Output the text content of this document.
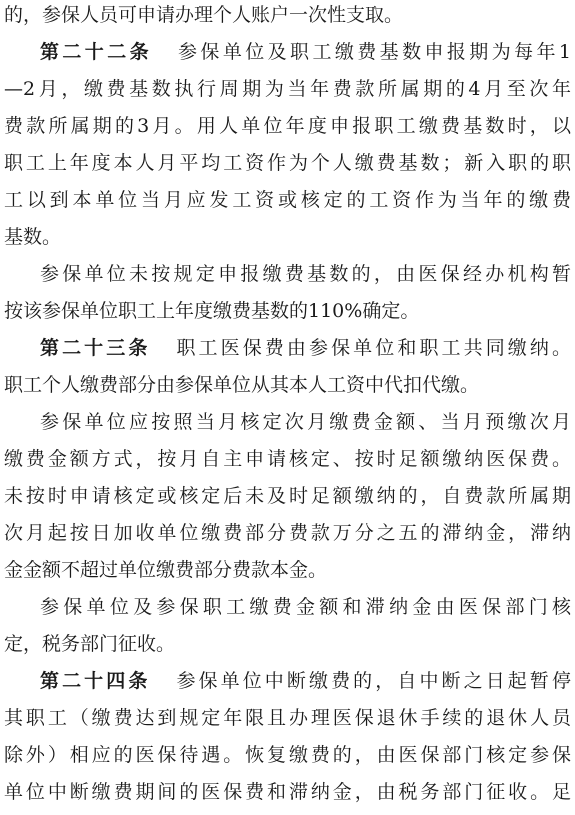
的，参保人员可申请办理个人账户一次性支取。
第二十二条 参保单位及职工缴费基数申报期为每年1
—2月，缴费基数执行周期为当年费款所属期的4月至次年
费款所属期的3月。用人单位年度申报职工缴费基数时，以
职工上年度本人月平均工资作为个人缴费基数；新入职的职
工以到本单位当月应发工资或核定的工资作为当年的缴费
基数。
参保单位未按规定申报缴费基数的，由医保经办机构暂
按该参保单位职工上年度缴费基数的110%确定。
第二十三条 职工医保费由参保单位和职工共同缴纳。
职工个人缴费部分由参保单位从其本人工资中代扣代缴。
参保单位应按照当月核定次月缴费金额、当月预缴次月
缴费金额方式，按月自主申请核定、按时足额缴纳医保费。
未按时申请核定或核定后未及时足额缴纳的，自费款所属期
次月起按日加收单位缴费部分费款万分之五的滞纳金，滞纳
金金额不超过单位缴费部分费款本金。
参保单位及参保职工缴费金额和滞纳金由医保部门核
定，税务部门征收。
第二十四条 参保单位中断缴费的，自中断之日起暂停
其职工（缴费达到规定年限且办理医保退休手续的退休人员
除外）相应的医保待遇。恢复缴费的，由医保部门核定参保
单位中断缴费期间的医保费和滞纳金，由税务部门征收。足
